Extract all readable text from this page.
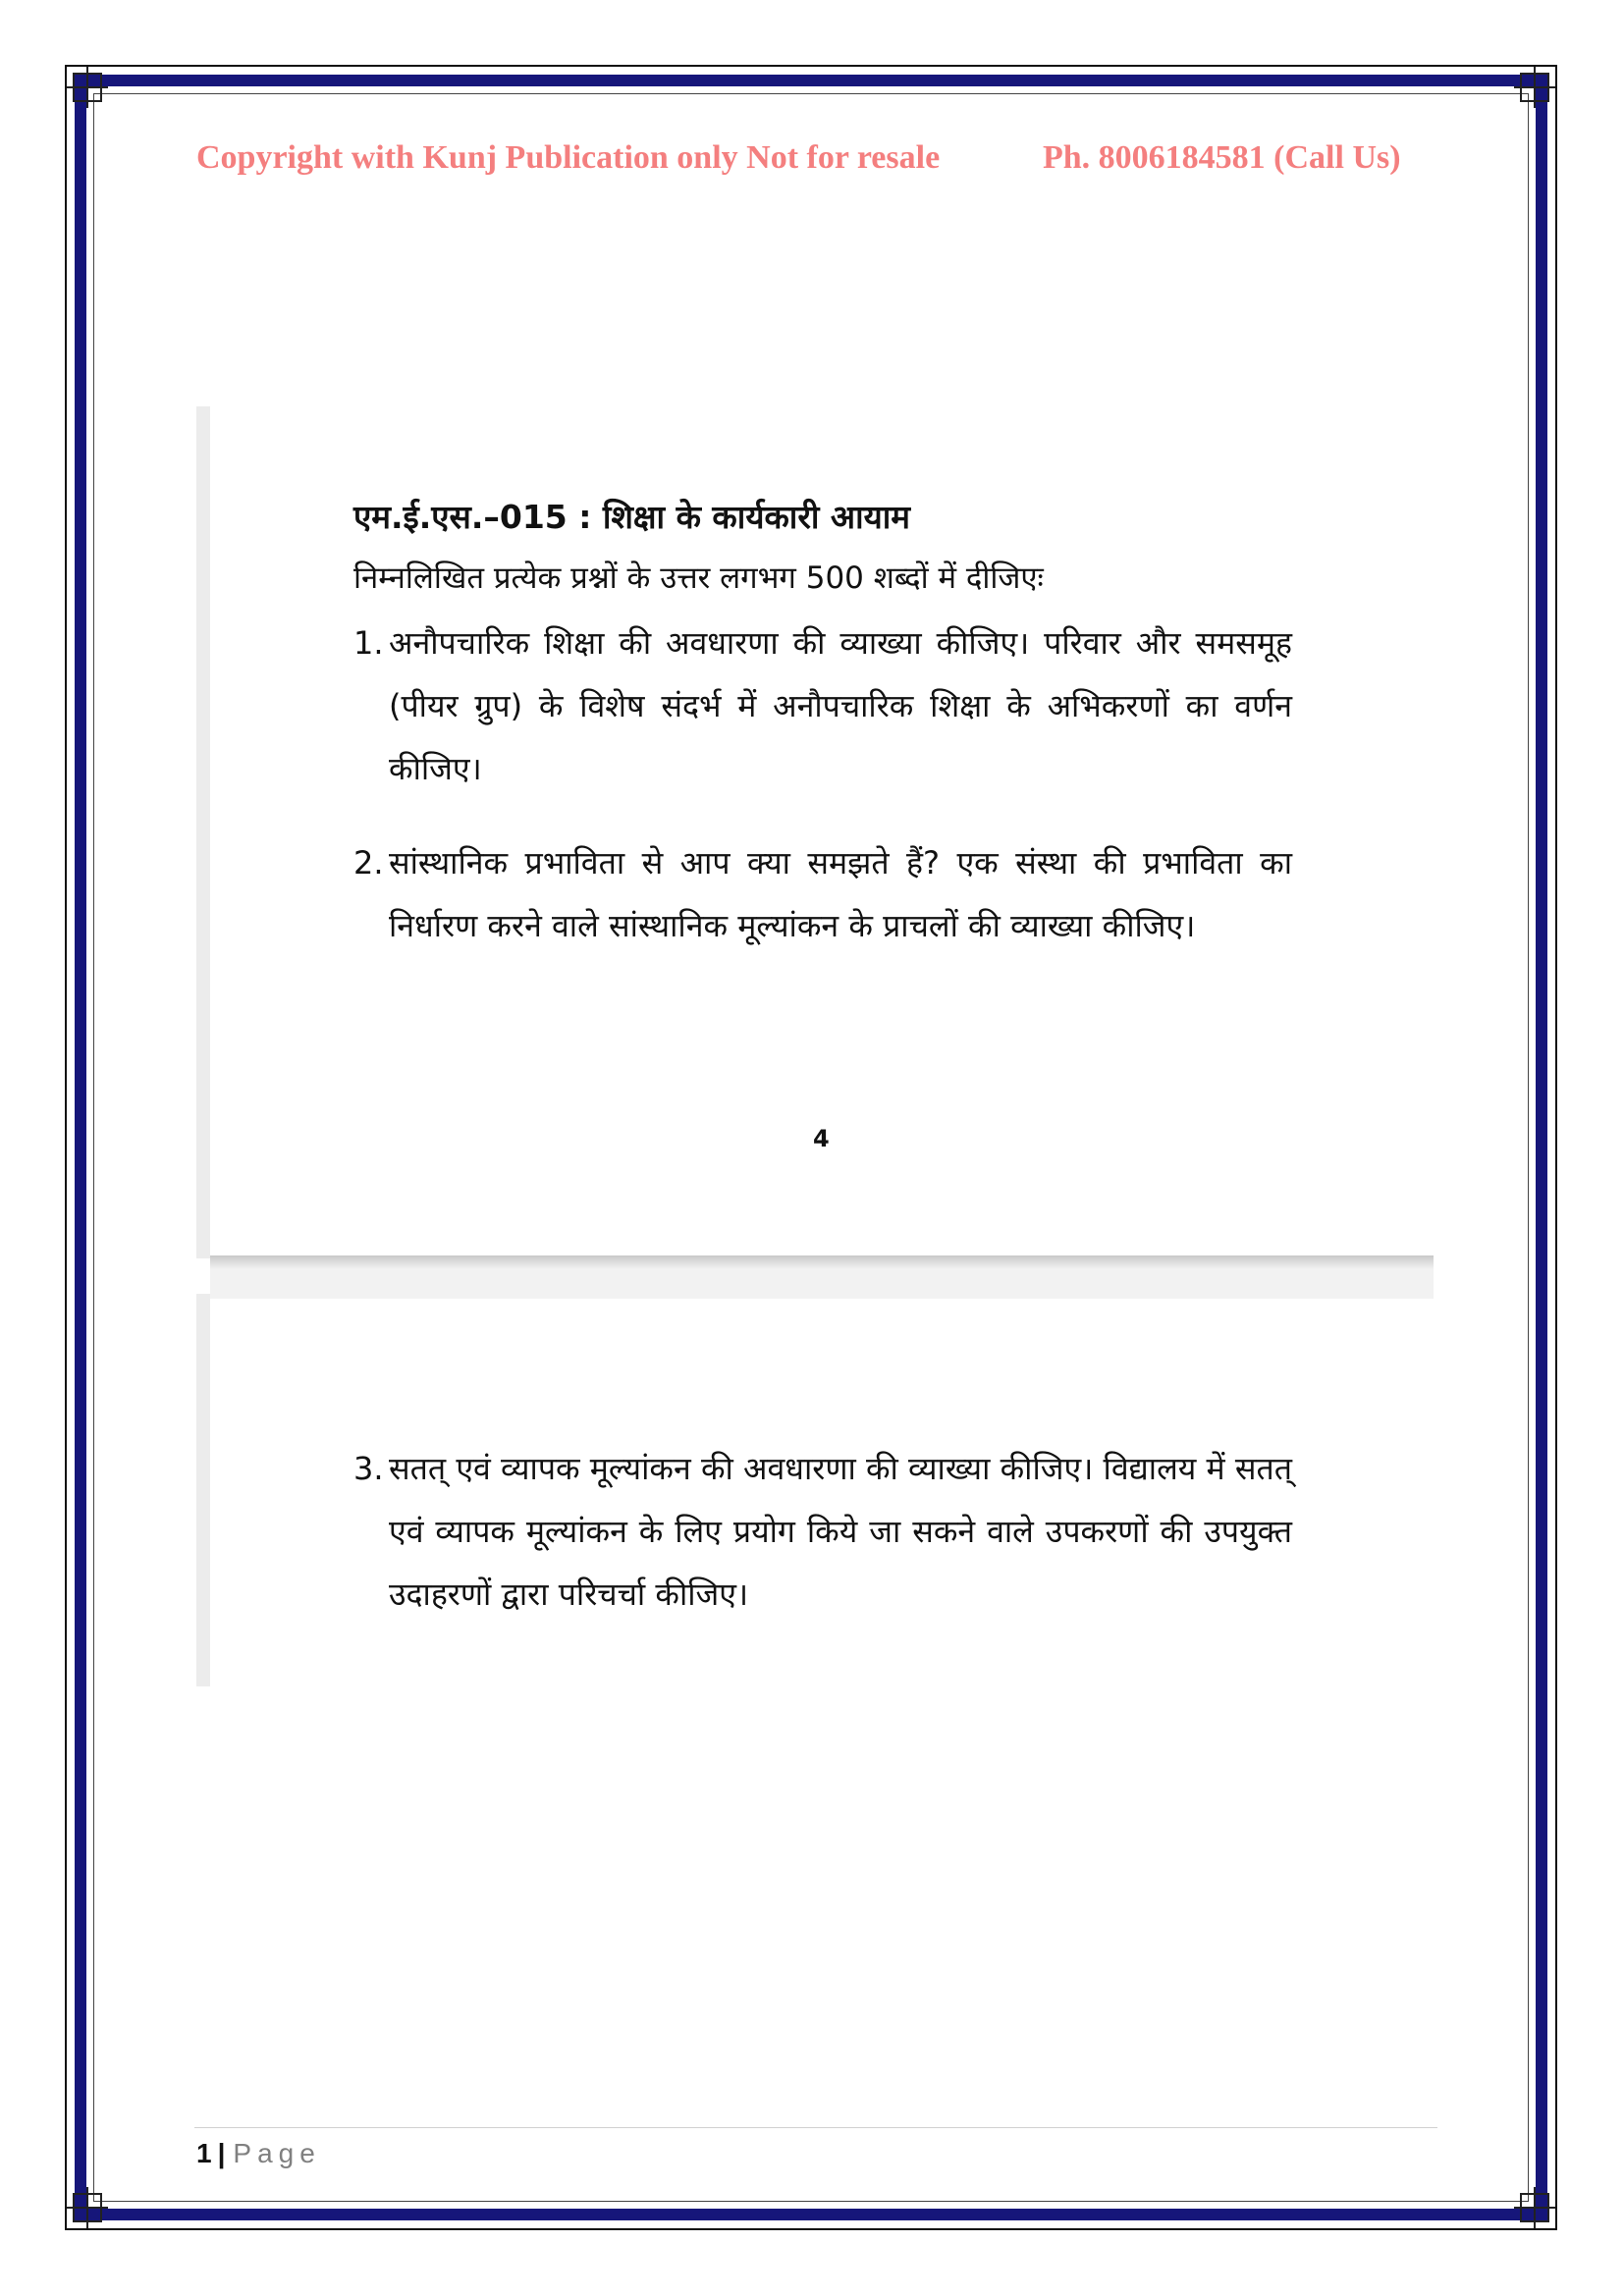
Copyright with Kunj Publication only Not for resale	Ph. 8006184581 (Call Us)
एम.ई.एस.–015 : शिक्षा के कार्यकारी आयाम
निम्नलिखित प्रत्येक प्रश्नों के उत्तर लगभग 500 शब्दों में दीजिएः
1. अनौपचारिक शिक्षा की अवधारणा की व्याख्या कीजिए। परिवार और समसमूह (पीयर ग्रुप) के विशेष संदर्भ में अनौपचारिक शिक्षा के अभिकरणों का वर्णन कीजिए।
2. सांस्थानिक प्रभाविता से आप क्या समझते हैं? एक संस्था की प्रभाविता का निर्धारण करने वाले सांस्थानिक मूल्यांकन के प्राचलों की व्याख्या कीजिए।
4
3. सतत् एवं व्यापक मूल्यांकन की अवधारणा की व्याख्या कीजिए। विद्यालय में सतत् एवं व्यापक मूल्यांकन के लिए प्रयोग किये जा सकने वाले उपकरणों की उपयुक्त उदाहरणों द्वारा परिचर्चा कीजिए।
1 | Page
